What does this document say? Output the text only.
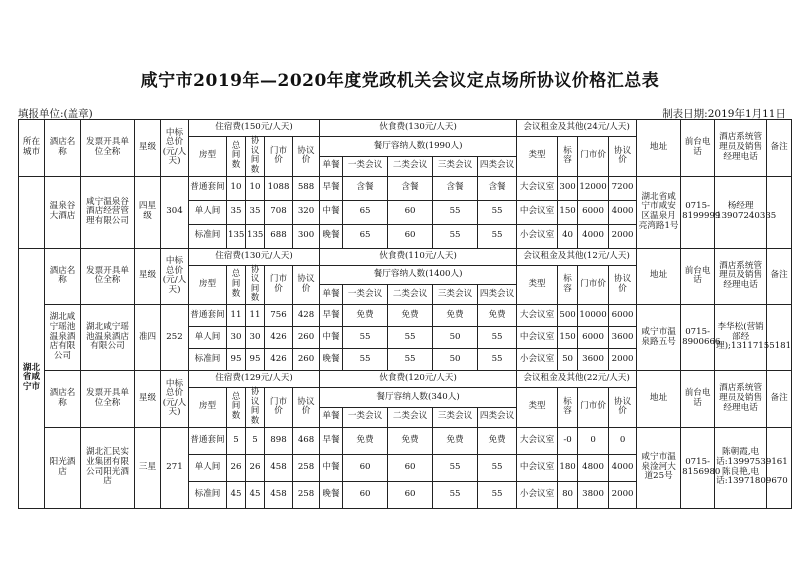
咸宁市2019年—2020年度党政机关会议定点场所协议价格汇总表
填报单位:(盖章)	制表日期:2019年1月11日
所在城市	酒店名称	发票开具单位全称	星级	中标总价(元/人天)	住宿费(150元/人天)					伙食费(130元/人天)					会议租金及其他(24元/人天)				地址	前台电话	酒店系统管理员及销售经理电话	备注
					房型	总间数	协议间数	门市价	协议价	餐厅容纳人数(1990人)					类型	标容	门市价	协议价				
										单餐	一类会议	二类会议	三类会议	四类会议								
	温泉谷大酒店	咸宁温泉谷酒店经营管理有限公司	四星级	304	普通套间	10	10	1088	588	早餐	含餐	含餐	含餐	含餐	大会议室	300	12000	7200	湖北省咸宁市咸安区温泉月亮湾路1号	0715-8199999	杨经理13907240335	
					单人间	35	35	708	320	中餐	65	60	55	55	中会议室	150	6000	4000				
					标准间	135	135	688	300	晚餐	65	60	55	55	小会议室	40	4000	2000				
湖北省咸宁市	酒店名称	发票开具单位全称	星级	中标总价(元/人天)	住宿费(130元/人天)					伙食费(110元/人天)					会议租金及其他(12元/人天)				地址	前台电话	酒店系统管理员及销售经理电话	备注
					房型	总间数	协议间数	门市价	协议价	餐厅容纳人数(1400人)					类型	标容	门市价	协议价				
										单餐	一类会议	二类会议	三类会议	四类会议								
	湖北咸宁瑶池温泉酒店有限公司	湖北咸宁瑶池温泉酒店有限公司	准四	252	普通套间	11	11	756	428	早餐	免费	免费	免费	免费	大会议室	500	10000	6000	咸宁市温泉路五号	0715-8900666	李华松(营销部经理);13117155181	
					单人间	30	30	426	260	中餐	55	55	50	55	中会议室	150	6000	3600				
					标准间	95	95	426	260	晚餐	55	55	50	55	小会议室	50	3600	2000				
	酒店名称	发票开具单位全称	星级	中标总价(元/人天)	住宿费(129元/人天)					伙食费(120元/人天)					会议租金及其他(22元/人天)				地址	前台电话	酒店系统管理员及销售经理电话	备注
					房型	总间数	协议间数	门市价	协议价	餐厅容纳人数(340人)					类型	标容	门市价	协议价				
										单餐	一类会议	二类会议	三类会议	四类会议								
	阳光酒店	湖北汇民实业集团有限公司阳光酒店	三星	271	普通套间	5	5	898	468	早餐	免费	免费	免费	免费	大会议室	-0	0	0	咸宁市温泉淦河大道25号	0715-8156980	陈朝霞,电话:13997539161陈良艳,电话:13971809670	
					单人间	26	26	458	258	中餐	60	60	55	55	中会议室	180	4800	4000				
					标准间	45	45	458	258	晚餐	60	60	55	55	小会议室	80	3800	2000				
